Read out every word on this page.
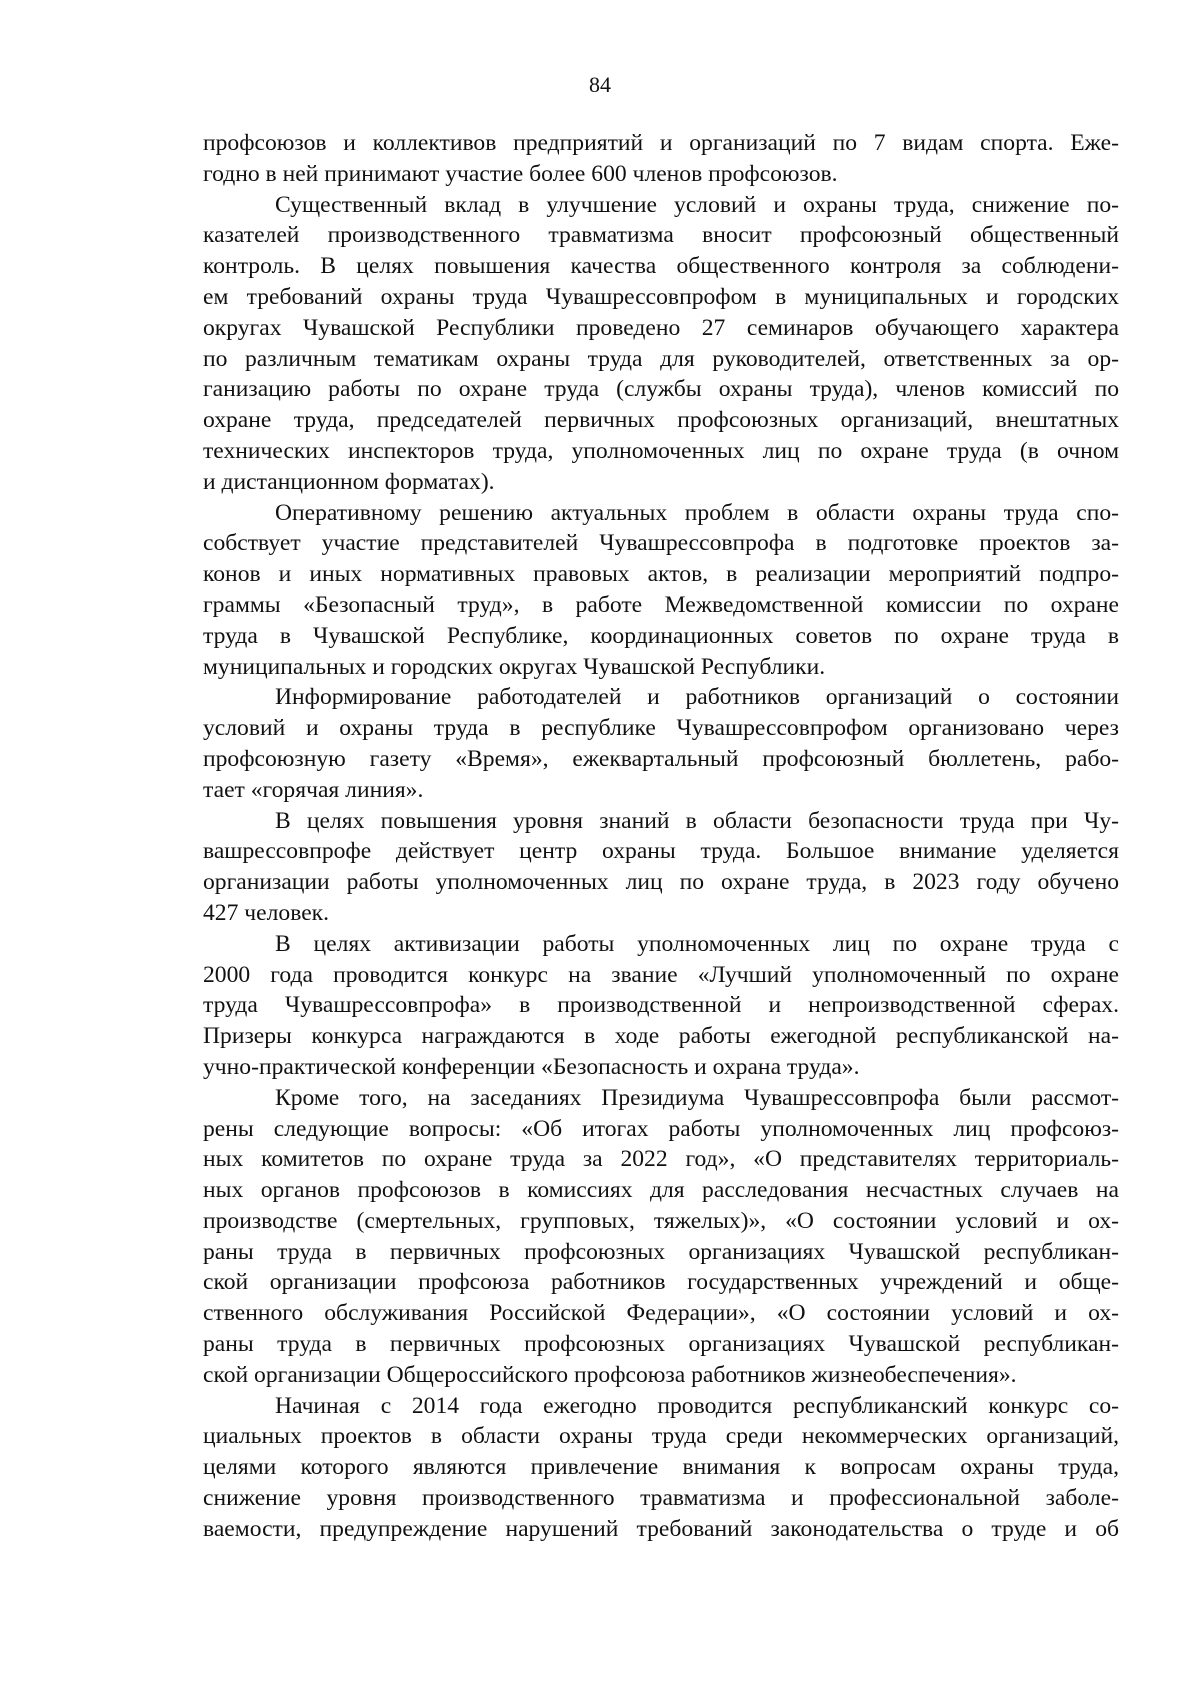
84
профсоюзов и коллективов предприятий и организаций по 7 видам спорта. Еже-
годно в ней принимают участие более 600 членов профсоюзов.
Существенный вклад в улучшение условий и охраны труда, снижение по-
казателей производственного травматизма вносит профсоюзный общественный
контроль. В целях повышения качества общественного контроля за соблюдени-
ем требований охраны труда Чувашрессовпрофом в муниципальных и городских
округах Чувашской Республики проведено 27 семинаров обучающего характера
по различным тематикам охраны труда для руководителей, ответственных за ор-
ганизацию работы по охране труда (службы охраны труда), членов комиссий по
охране труда, председателей первичных профсоюзных организаций, внештатных
технических инспекторов труда, уполномоченных лиц по охране труда (в очном
и дистанционном форматах).
Оперативному решению актуальных проблем в области охраны труда спо-
собствует участие представителей Чувашрессовпрофа в подготовке проектов за-
конов и иных нормативных правовых актов, в реализации мероприятий подпро-
граммы «Безопасный труд», в работе Межведомственной комиссии по охране
труда в Чувашской Республике, координационных советов по охране труда в
муниципальных и городских округах Чувашской Республики.
Информирование работодателей и работников организаций о состоянии
условий и охраны труда в республике Чувашрессовпрофом организовано через
профсоюзную газету «Время», ежеквартальный профсоюзный бюллетень, рабо-
тает «горячая линия».
В целях повышения уровня знаний в области безопасности труда при Чу-
вашрессовпрофе действует центр охраны труда. Большое внимание уделяется
организации работы уполномоченных лиц по охране труда, в 2023 году обучено
427 человек.
В целях активизации работы уполномоченных лиц по охране труда с
2000 года проводится конкурс на звание «Лучший уполномоченный по охране
труда Чувашрессовпрофа» в производственной и непроизводственной сферах.
Призеры конкурса награждаются в ходе работы ежегодной республиканской на-
учно-практической конференции «Безопасность и охрана труда».
Кроме того, на заседаниях Президиума Чувашрессовпрофа были рассмот-
рены следующие вопросы: «Об итогах работы уполномоченных лиц профсоюз-
ных комитетов по охране труда за 2022 год», «О представителях территориаль-
ных органов профсоюзов в комиссиях для расследования несчастных случаев на
производстве (смертельных, групповых, тяжелых)», «О состоянии условий и ох-
раны труда в первичных профсоюзных организациях Чувашской республикан-
ской организации профсоюза работников государственных учреждений и обще-
ственного обслуживания Российской Федерации», «О состоянии условий и ох-
раны труда в первичных профсоюзных организациях Чувашской республикан-
ской организации Общероссийского профсоюза работников жизнеобеспечения».
Начиная с 2014 года ежегодно проводится республиканский конкурс со-
циальных проектов в области охраны труда среди некоммерческих организаций,
целями которого являются привлечение внимания к вопросам охраны труда,
снижение уровня производственного травматизма и профессиональной заболе-
ваемости, предупреждение нарушений требований законодательства о труде и об
